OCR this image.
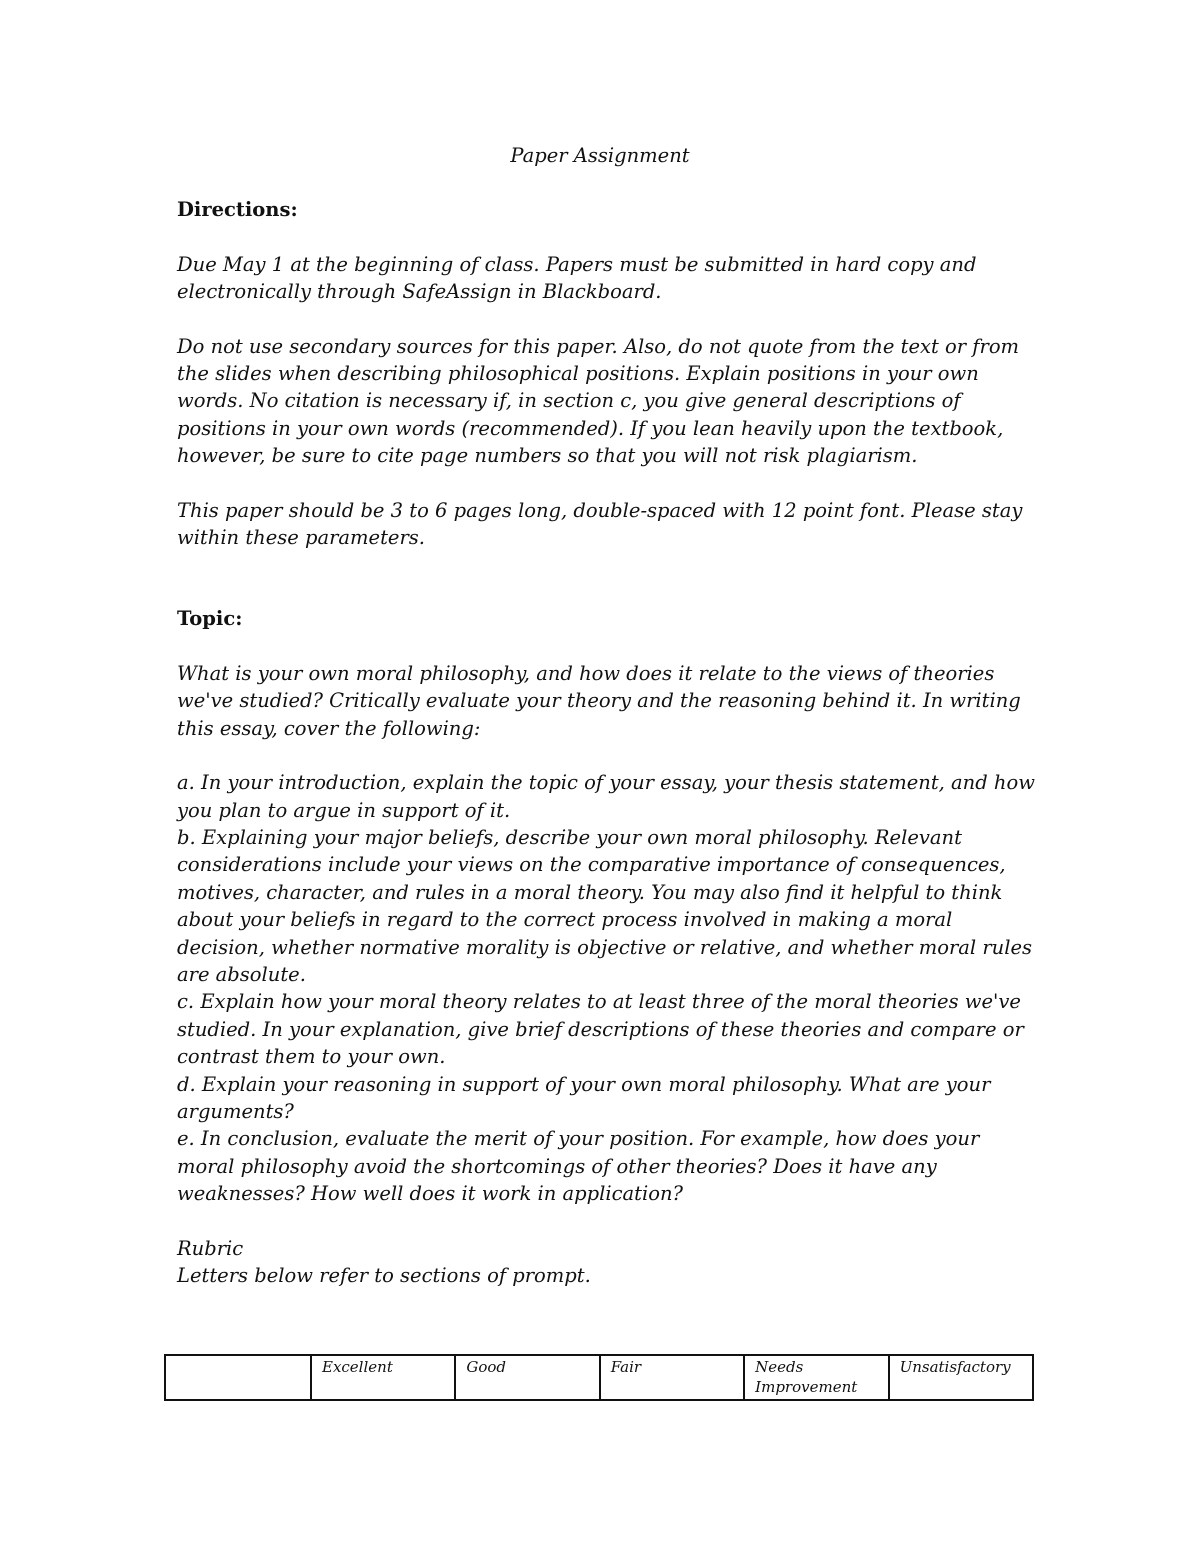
Paper Assignment
Directions:
Due May 1 at the beginning of class. Papers must be submitted in hard copy and electronically through SafeAssign in Blackboard.
Do not use secondary sources for this paper. Also, do not quote from the text or from the slides when describing philosophical positions. Explain positions in your own words. No citation is necessary if, in section c, you give general descriptions of positions in your own words (recommended). If you lean heavily upon the textbook, however, be sure to cite page numbers so that you will not risk plagiarism.
This paper should be 3 to 6 pages long, double-spaced with 12 point font. Please stay within these parameters.
Topic:
What is your own moral philosophy, and how does it relate to the views of theories we've studied? Critically evaluate your theory and the reasoning behind it. In writing this essay, cover the following:
a. In your introduction, explain the topic of your essay, your thesis statement, and how you plan to argue in support of it.
b. Explaining your major beliefs, describe your own moral philosophy. Relevant considerations include your views on the comparative importance of consequences, motives, character, and rules in a moral theory. You may also find it helpful to think about your beliefs in regard to the correct process involved in making a moral decision, whether normative morality is objective or relative, and whether moral rules are absolute.
c. Explain how your moral theory relates to at least three of the moral theories we've studied. In your explanation, give brief descriptions of these theories and compare or contrast them to your own.
d. Explain your reasoning in support of your own moral philosophy. What are your arguments?
e. In conclusion, evaluate the merit of your position. For example, how does your moral philosophy avoid the shortcomings of other theories? Does it have any weaknesses? How well does it work in application?
Rubric
Letters below refer to sections of prompt.
	Excellent	Good	Fair	Needs Improvement	Unsatisfactory
